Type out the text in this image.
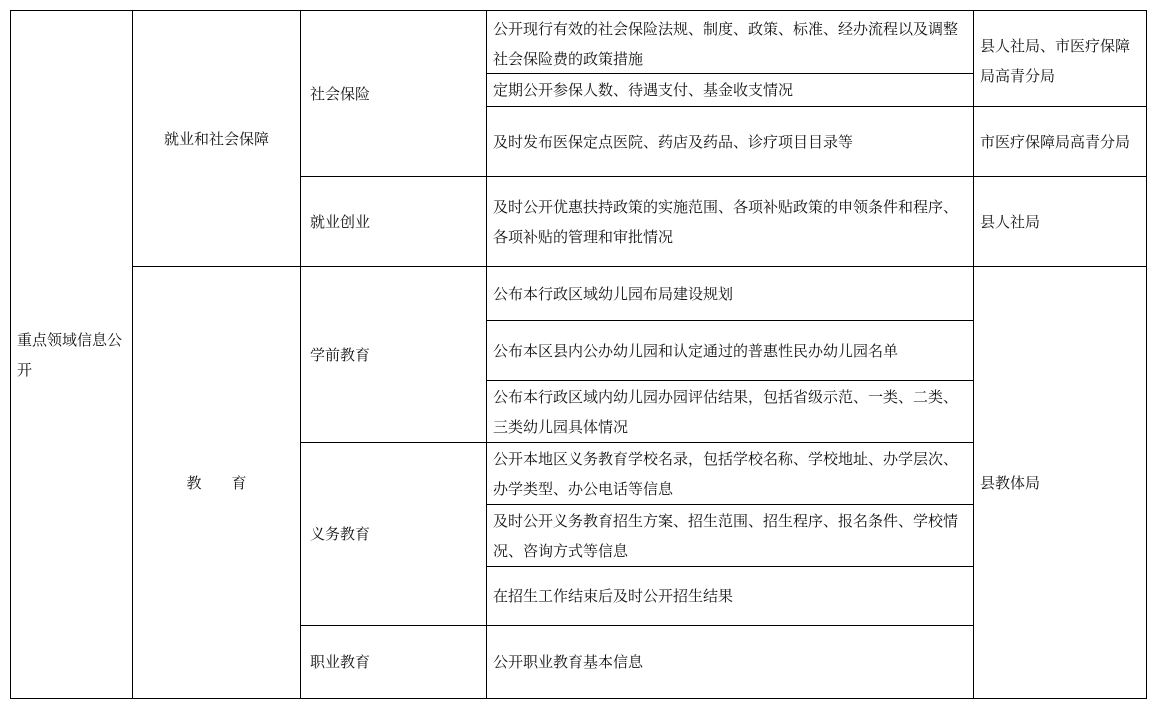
重点领域信息公开
就业和社会保障
教　　育
社会保险
就业创业
学前教育
义务教育
职业教育
公开现行有效的社会保险法规、制度、政策、标准、经办流程以及调整社会保险费的政策措施
定期公开参保人数、待遇支付、基金收支情况
及时发布医保定点医院、药店及药品、诊疗项目目录等
及时公开优惠扶持政策的实施范围、各项补贴政策的申领条件和程序、各项补贴的管理和审批情况
公布本行政区域幼儿园布局建设规划
公布本区县内公办幼儿园和认定通过的普惠性民办幼儿园名单
公布本行政区域内幼儿园办园评估结果，包括省级示范、一类、二类、三类幼儿园具体情况
公开本地区义务教育学校名录，包括学校名称、学校地址、办学层次、办学类型、办公电话等信息
及时公开义务教育招生方案、招生范围、招生程序、报名条件、学校情况、咨询方式等信息
在招生工作结束后及时公开招生结果
公开职业教育基本信息
县人社局、市医疗保障局高青分局
市医疗保障局高青分局
县人社局
县教体局
